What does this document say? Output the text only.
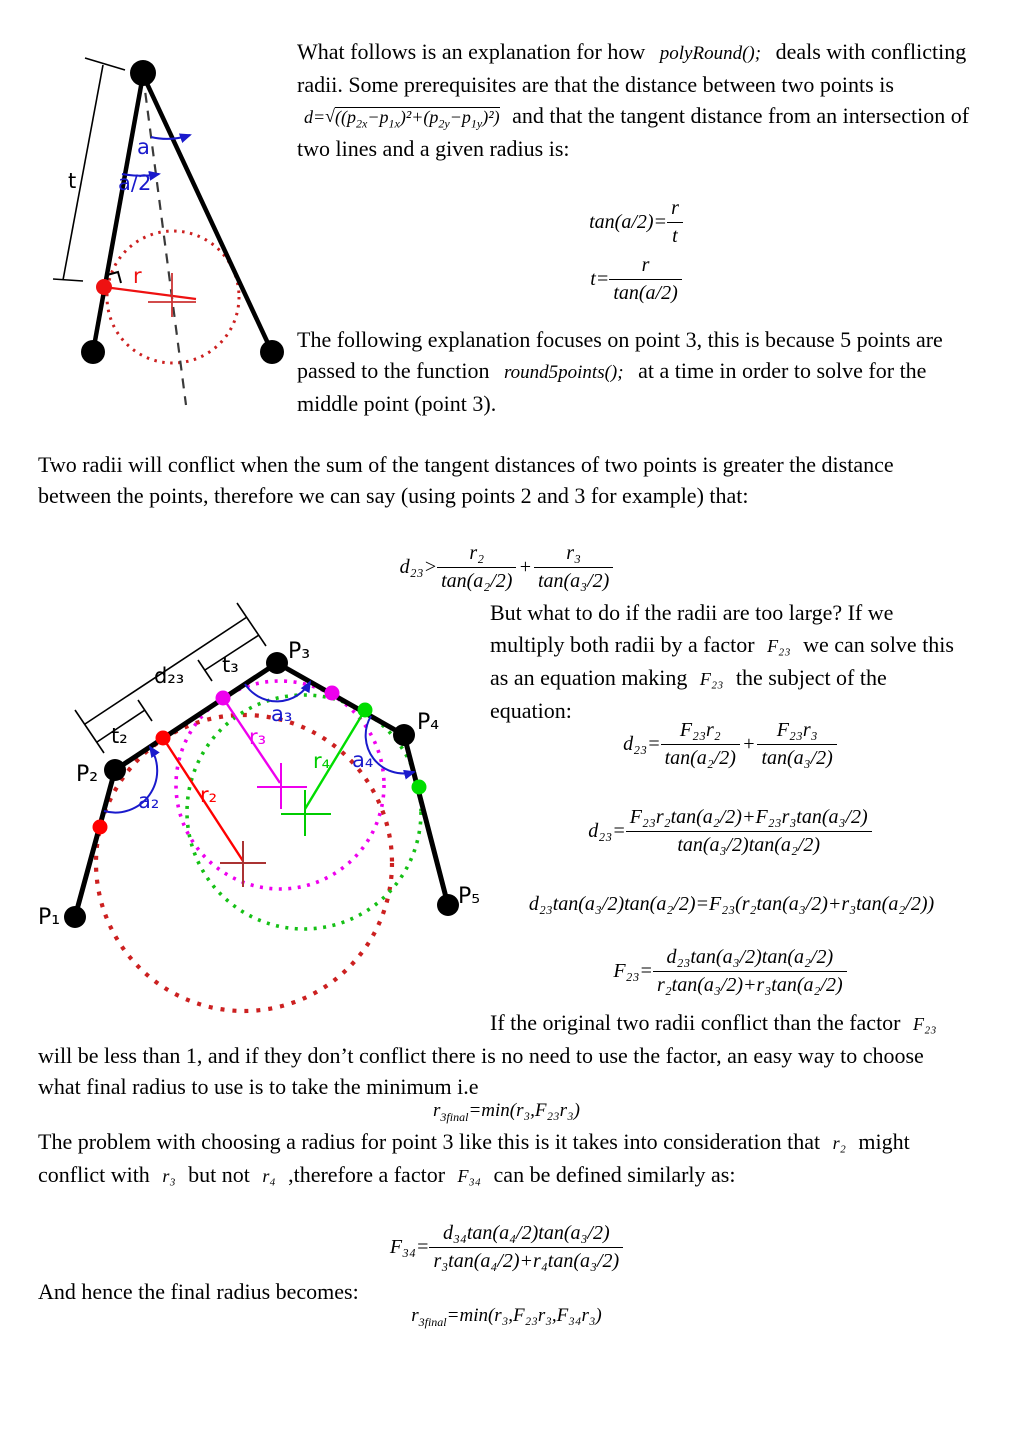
t
a
a/2
r
What follows is an explanation for how polyRound(); deals with conflicting radii. Some prerequisites are that the distance between two points is $d=√((p_{2x}-p_{1x})^2+(p_{2y}-p_{1y})^2)$ and that the tangent distance from an intersection of two lines and a given radius is:
$\tan(a/2)= \frac{r}{t}$
$t= \frac{r}{\tan(a/2)}$
The following explanation focuses on point 3, this is because 5 points are passed to the function round5points(); at a time in order to solve for the middle point (point 3).
Two radii will conflict when the sum of the tangent distances of two points is greater the distance between the points, therefore we can say (using points 2 and 3 for example) that:
$d_{23}> \frac{\text{r₂}}{\text{tan(a₂/2)}} + \frac{\text{r₃}}{\text{tan(a₃/2)}}$
P₁
P₂
P₃
P₄
P₅
d₂₃ t₃
t₂
a₂
a₃
a₄
r₂
r₃
r₄
But what to do if the radii are too large? If we multiply both radii by a factor F₂₃ we can solve this as an equation making F₂₃ the subject of the equation:
$d_{23}= \frac{\text{F₂₃r₂}}{\text{tan(a₂/2)}} + \frac{\text{F₂₃r₃}}{\text{tan(a₃/2)}}$
$d_{23}= \frac{\text{F₂₃r₂tan(a₂/2)+F₂₃r₃tan(a₃/2)}}{\text{tan(a₃/2)tan(a₂/2)}}$
d₂₃tan(a₃/2)tan(a₂/2)=F₂₃(r₂tan(a₃/2)+r₃tan(a₂/2))
$F_{23}= \frac{\text{d₂₃tan(a₃/2)tan(a₂/2)}}{\text{r₂tan(a₃/2)+r₃tan(a₂/2)}}$
If the original two radii conflict than the factor F₂₃ will be less than 1, and if they don’t conflict there is no need to use the factor, an easy way to choose what final radius to use is to take the minimum i.e
$r_{3final}=\min(r_3,F_{23}r_3)$
The problem with choosing a radius for point 3 like this is it takes into consideration that r₂ might conflict with r₃ but not r₄ ,therefore a factor F₃₄ can be defined similarly as:
$F_{34}= \frac{\text{d₃₄tan(a₄/2)tan(a₃/2)}}{\text{r₃tan(a₄/2)+r₄tan(a₃/2)}}$
And hence the final radius becomes:
$r_{3final}=\min(r_3,F_{23}r_3,F_{34}r_3)$
